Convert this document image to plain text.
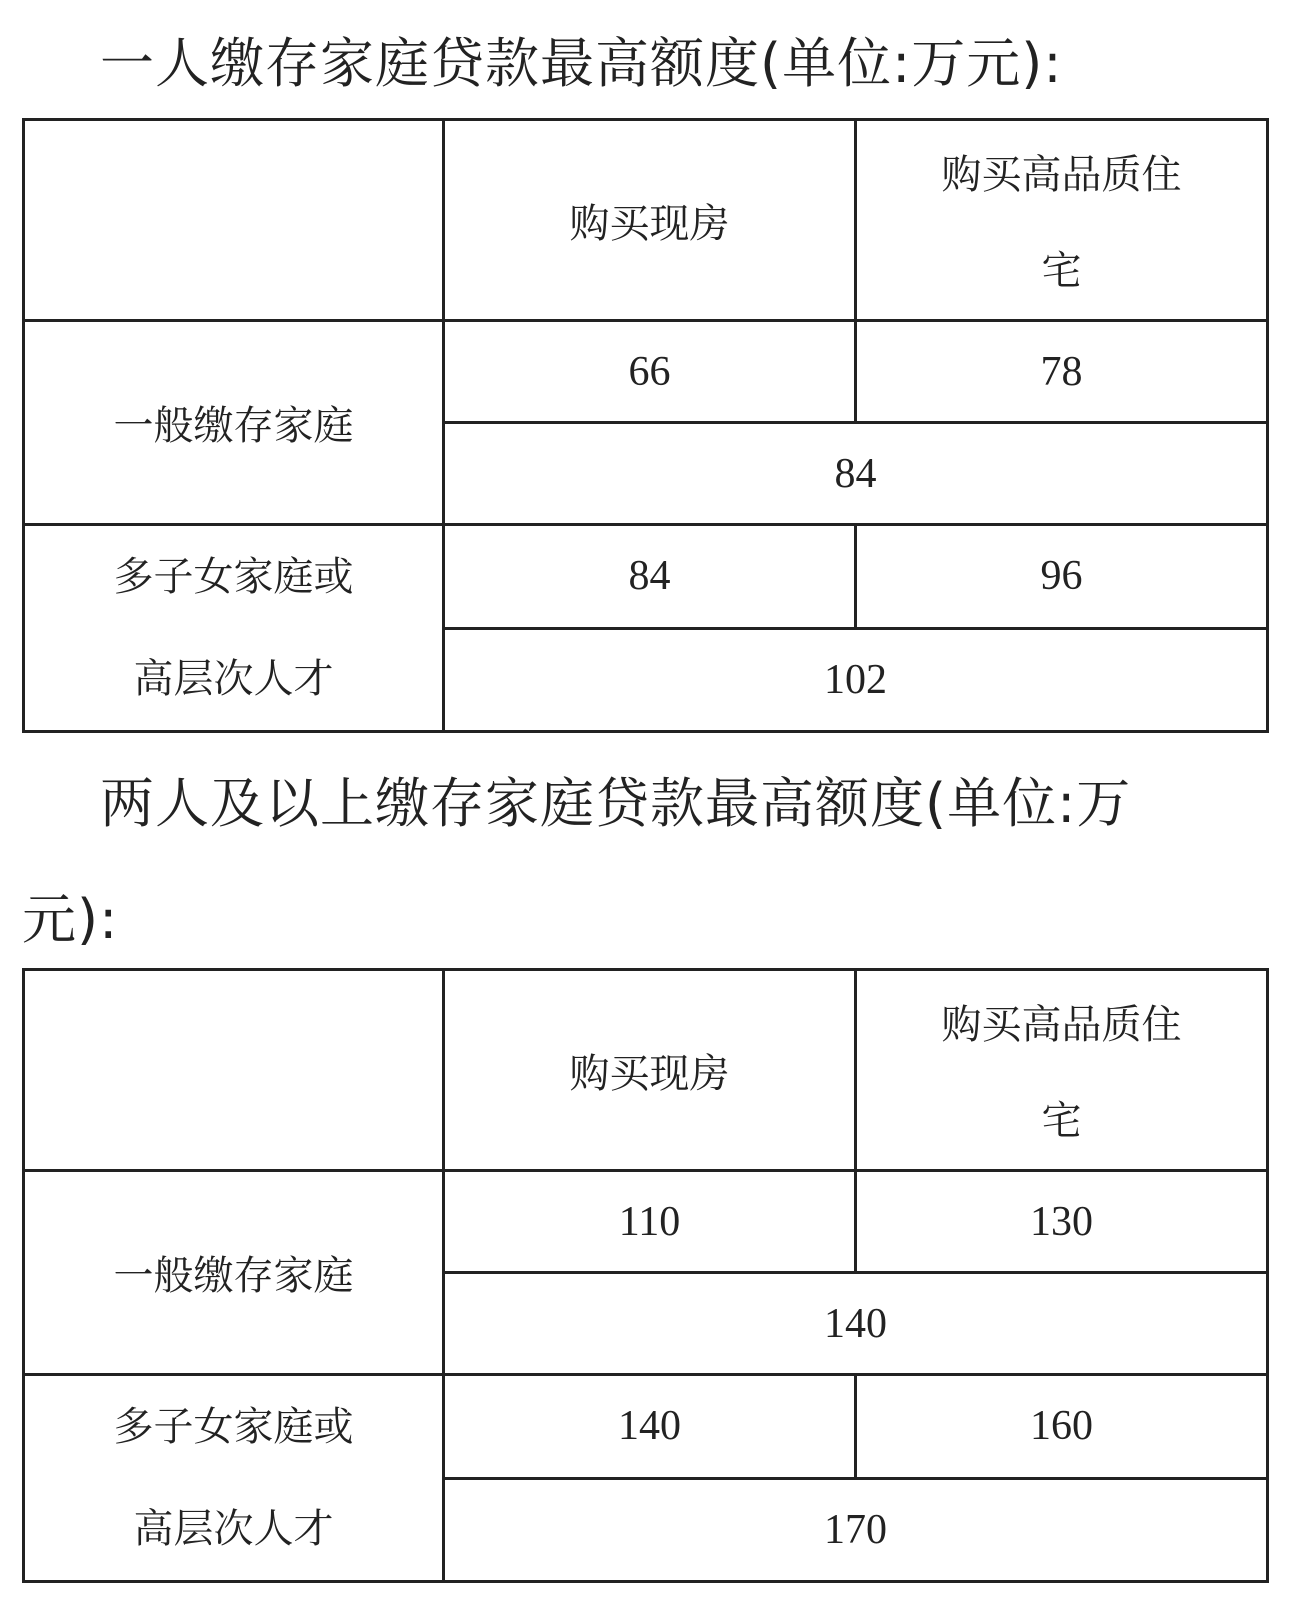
一人缴存家庭贷款最高额度(单位:万元):
	购买现房	购买高品质住
宅

一般缴存家庭	66	78
	84	

多子女家庭或
高层次人才	84	96
	102	
两人及以上缴存家庭贷款最高额度(单位:万
元):
	购买现房	购买高品质住
宅

一般缴存家庭	110	130
	140	

多子女家庭或
高层次人才	140	160
	170	
